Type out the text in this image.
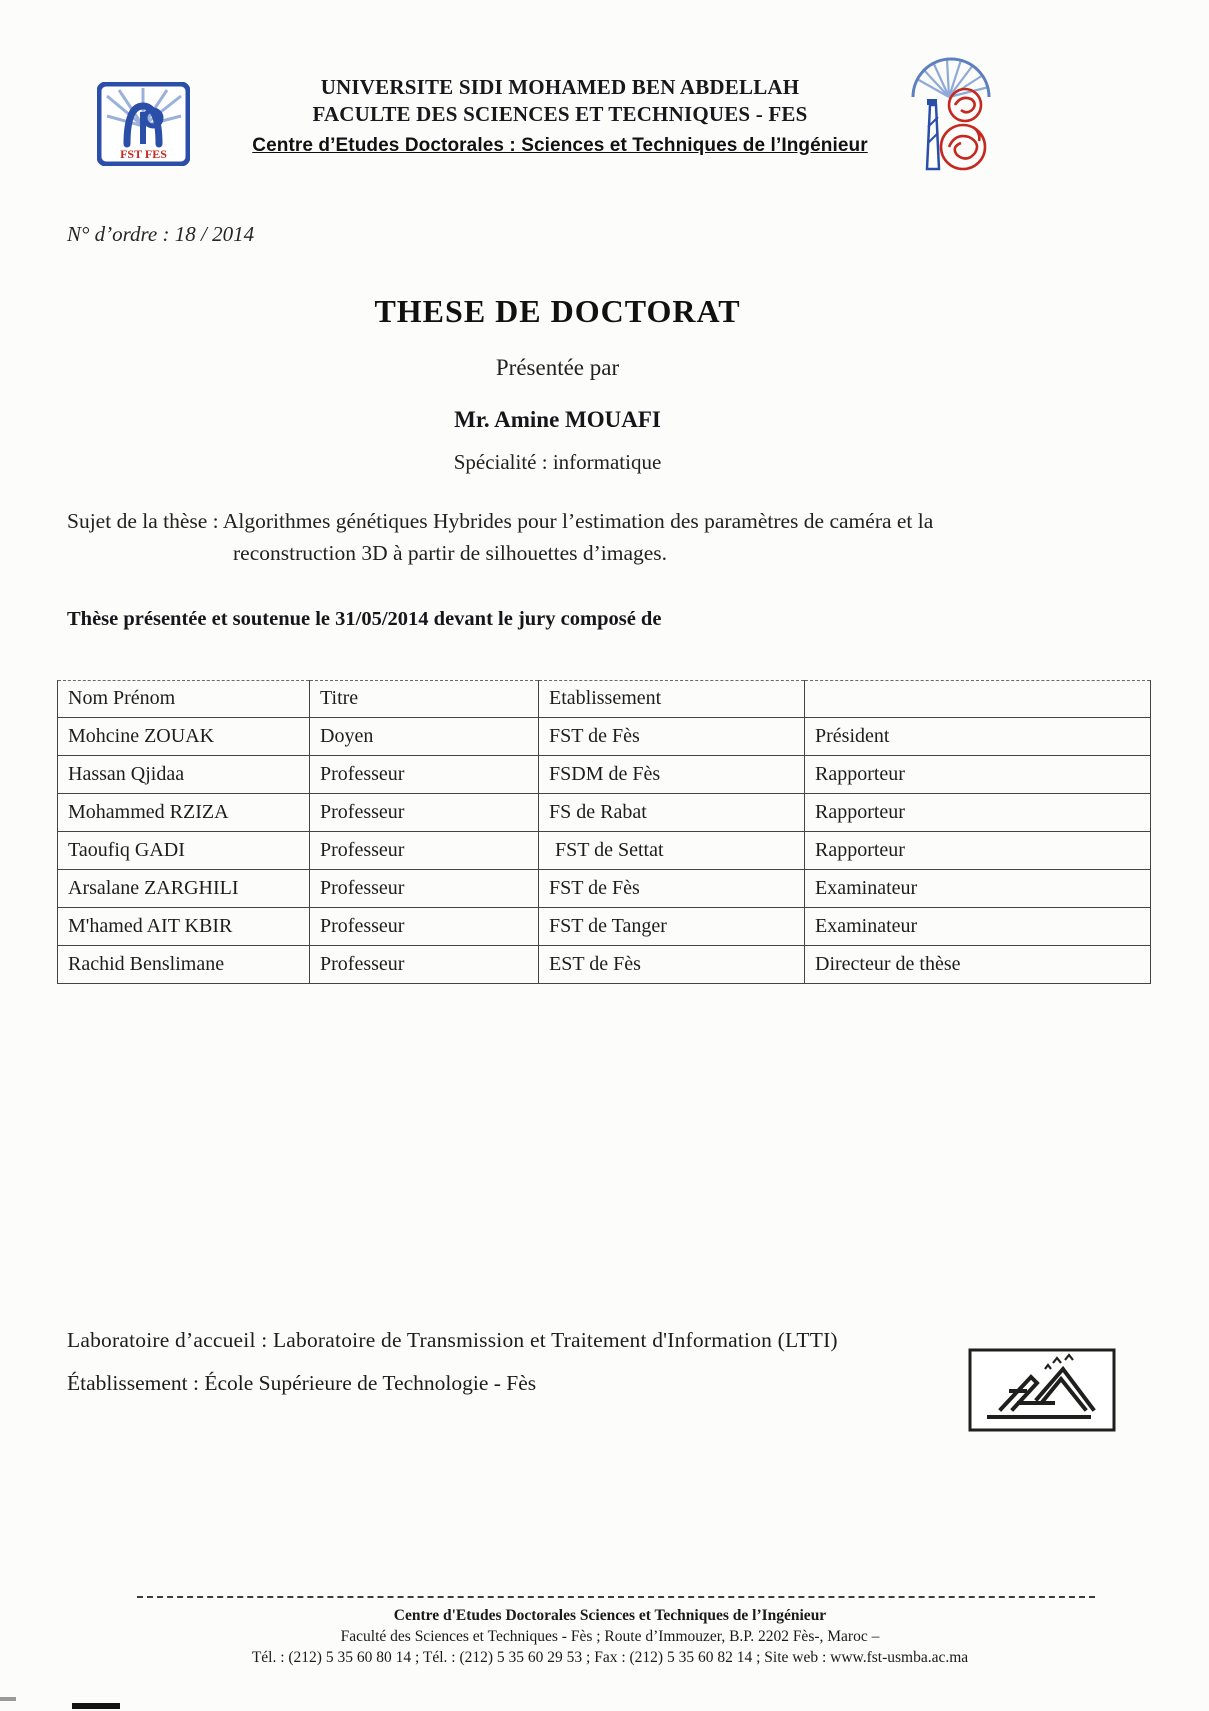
FST FES
UNIVERSITE SIDI MOHAMED BEN ABDELLAH
FACULTE DES SCIENCES ET TECHNIQUES - FES
Centre d’Etudes Doctorales : Sciences et Techniques de l’Ingénieur
N° d’ordre : 18 / 2014
THESE DE DOCTORAT
Présentée par
Mr. Amine MOUAFI
Spécialité : informatique
Sujet de la thèse : Algorithmes génétiques Hybrides pour l’estimation des paramètres de caméra et la
reconstruction 3D à partir de silhouettes d’images.
Thèse présentée et soutenue le 31/05/2014 devant le jury composé de
Nom Prénom	Titre	Etablissement	
Mohcine ZOUAK	Doyen	FST de Fès	Président
Hassan Qjidaa	Professeur	FSDM de Fès	Rapporteur
Mohammed RZIZA	Professeur	FS de Rabat	Rapporteur
Taoufiq GADI	Professeur	FST de Settat	Rapporteur
Arsalane ZARGHILI	Professeur	FST de Fès	Examinateur
M'hamed AIT KBIR	Professeur	FST de Tanger	Examinateur
Rachid Benslimane	Professeur	EST de Fès	Directeur de thèse
Laboratoire d’accueil : Laboratoire de Transmission et Traitement d'Information (LTTI)
Établissement : École Supérieure de Technologie - Fès
Centre d'Etudes Doctorales Sciences et Techniques de l’Ingénieur
Faculté des Sciences et Techniques - Fès ; Route d’Immouzer, B.P. 2202 Fès-, Maroc –
Tél. : (212) 5 35 60 80 14 ; Tél. : (212) 5 35 60 29 53 ; Fax : (212) 5 35 60 82 14 ; Site web : www.fst-usmba.ac.ma
